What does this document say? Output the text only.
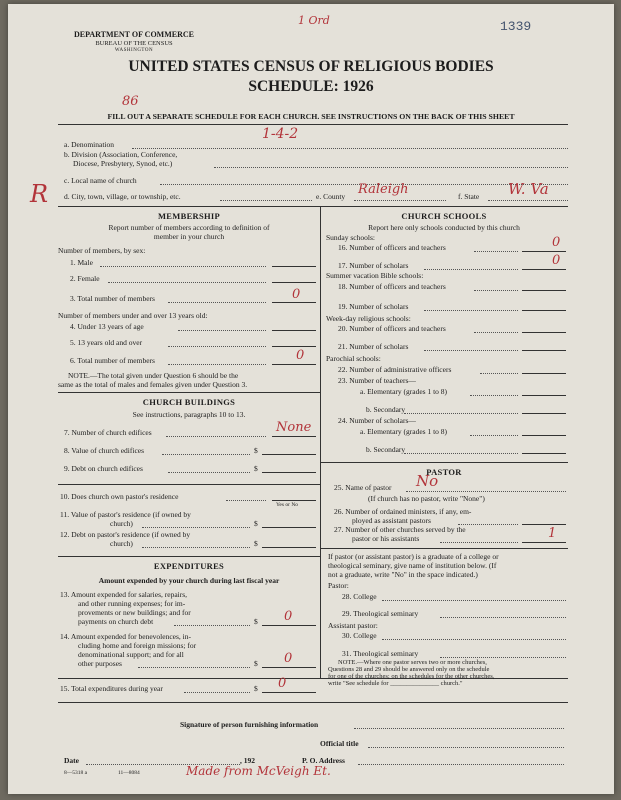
DEPARTMENT OF COMMERCE
BUREAU OF THE CENSUS
WASHINGTON
1 Ord	1339
UNITED STATES CENSUS OF RELIGIOUS BODIES
SCHEDULE: 1926
86
FILL OUT A SEPARATE SCHEDULE FOR EACH CHURCH. SEE INSTRUCTIONS ON THE BACK OF THIS SHEET
a. Denomination
1-4-2
b. Division (Association, Conference,
Diocese, Presbytery, Synod, etc.)
c. Local name of church
R d. City, town, village, or township, etc.	e. County Raleigh	f. State W. Va
MEMBERSHIP
Report number of members according to definition of
member in your church
Number of members, by sex:
1. Male
2. Female
3. Total number of members	0
Number of members under and over 13 years old:
4. Under 13 years of age
5. 13 years old and over
6. Total number of members	0
NOTE.—The total given under Question 6 should be the
same as the total of males and females given under Question 3.
CHURCH BUILDINGS
See instructions, paragraphs 10 to 13.
7. Number of church edifices	None
8. Value of church edifices	$
9. Debt on church edifices	$
10. Does church own pastor's residence
Yes or No
11. Value of pastor's residence (if owned by
church)	$
12. Debt on pastor's residence (if owned by
church)	$
EXPENDITURES
Amount expended by your church during last fiscal year
13. Amount expended for salaries, repairs,
and other running expenses; for im-
provements or new buildings; and for
payments on church debt	$ 0
14. Amount expended for benevolences, in-
cluding home and foreign missions; for
denominational support; and for all
other purposes	$ 0
15. Total expenditures during year	$ 0
CHURCH SCHOOLS
Report here only schools conducted by this church
Sunday schools:
16. Number of officers and teachers	0
17. Number of scholars	0
Summer vacation Bible schools:
18. Number of officers and teachers
19. Number of scholars
Week-day religious schools:
20. Number of officers and teachers
21. Number of scholars
Parochial schools:
22. Number of administrative officers
23. Number of teachers—
a. Elementary (grades 1 to 8)
b. Secondary
24. Number of scholars—
a. Elementary (grades 1 to 8)
b. Secondary
PASTOR
25. Name of pastor No
(If church has no pastor, write "None")
26. Number of ordained ministers, if any, em-
ployed as assistant pastors
27. Number of other churches served by the
pastor or his assistants	1
If pastor (or assistant pastor) is a graduate of a college or
theological seminary, give name of institution below. (If
not a graduate, write "No" in the space indicated.)
Pastor:
28. College
29. Theological seminary
Assistant pastor:
30. College
31. Theological seminary
NOTE.—Where one pastor serves two or more churches,
Questions 28 and 29 should be answered only on the schedule
for one of the churches; on the schedules for the other churches,
write "See schedule for _______________ church."
Signature of person furnishing information
Official title
Date	, 192	P. O. Address
8—5318 a	11—8084	Made from McVeigh Et.
